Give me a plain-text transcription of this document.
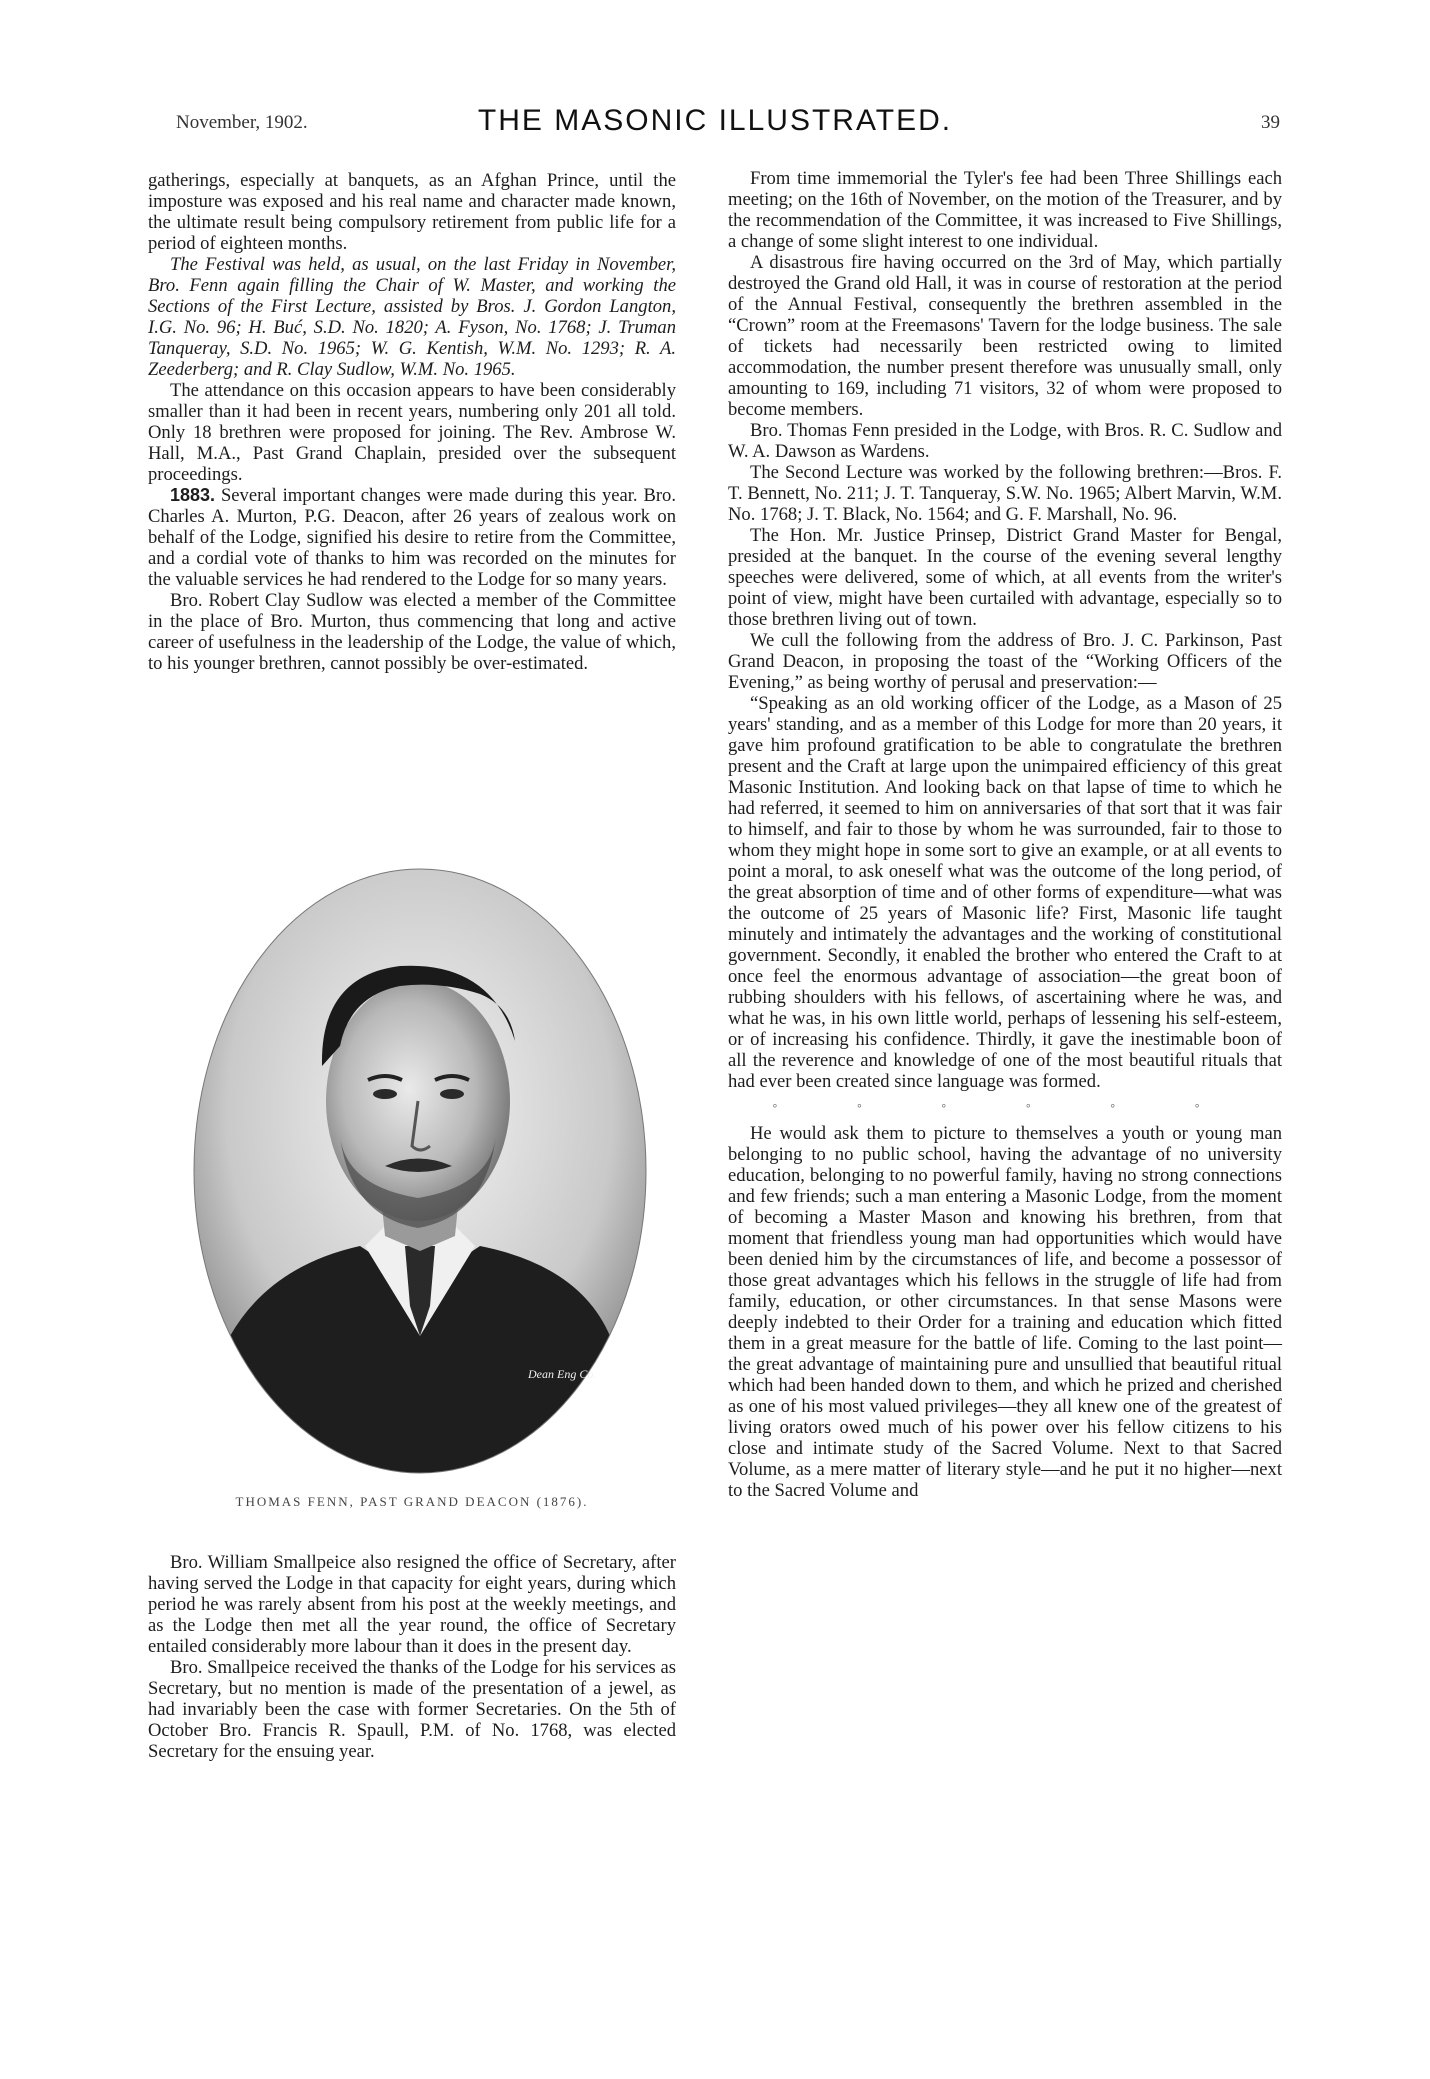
November, 1902.	THE MASONIC ILLUSTRATED.	39

gatherings, especially at banquets, as an Afghan Prince, until the imposture was exposed and his real name and character made known, the ultimate result being compulsory retirement from public life for a period of eighteen months.

The Festival was held, as usual, on the last Friday in November, Bro. Fenn again filling the Chair of W. Master, and working the Sections of the First Lecture, assisted by Bros. J. Gordon Langton, I.G. No. 96; H. Buć, S.D. No. 1820; A. Fyson, No. 1768; J. Truman Tanqueray, S.D. No. 1965; W. G. Kentish, W.M. No. 1293; R. A. Zeederberg; and R. Clay Sudlow, W.M. No. 1965.

The attendance on this occasion appears to have been considerably smaller than it had been in recent years, numbering only 201 all told. Only 18 brethren were proposed for joining. The Rev. Ambrose W. Hall, M.A., Past Grand Chaplain, presided over the subsequent proceedings.

1883. Several important changes were made during this year. Bro. Charles A. Murton, P.G. Deacon, after 26 years of zealous work on behalf of the Lodge, signified his desire to retire from the Committee, and a cordial vote of thanks to him was recorded on the minutes for the valuable services he had rendered to the Lodge for so many years.

Bro. Robert Clay Sudlow was elected a member of the Committee in the place of Bro. Murton, thus commencing that long and active career of usefulness in the leadership of the Lodge, the value of which, to his younger brethren, cannot possibly be over-estimated.

Dean Eng Co.
THOMAS FENN, PAST GRAND DEACON (1876).

Bro. William Smallpeice also resigned the office of Secretary, after having served the Lodge in that capacity for eight years, during which period he was rarely absent from his post at the weekly meetings, and as the Lodge then met all the year round, the office of Secretary entailed considerably more labour than it does in the present day.

Bro. Smallpeice received the thanks of the Lodge for his services as Secretary, but no mention is made of the presentation of a jewel, as had invariably been the case with former Secretaries. On the 5th of October Bro. Francis R. Spaull, P.M. of No. 1768, was elected Secretary for the ensuing year.

From time immemorial the Tyler's fee had been Three Shillings each meeting; on the 16th of November, on the motion of the Treasurer, and by the recommendation of the Committee, it was increased to Five Shillings, a change of some slight interest to one individual.

A disastrous fire having occurred on the 3rd of May, which partially destroyed the Grand old Hall, it was in course of restoration at the period of the Annual Festival, consequently the brethren assembled in the “Crown” room at the Freemasons' Tavern for the lodge business. The sale of tickets had necessarily been restricted owing to limited accommodation, the number present therefore was unusually small, only amounting to 169, including 71 visitors, 32 of whom were proposed to become members.

Bro. Thomas Fenn presided in the Lodge, with Bros. R. C. Sudlow and W. A. Dawson as Wardens.

The Second Lecture was worked by the following brethren:—Bros. F. T. Bennett, No. 211; J. T. Tanqueray, S.W. No. 1965; Albert Marvin, W.M. No. 1768; J. T. Black, No. 1564; and G. F. Marshall, No. 96.

The Hon. Mr. Justice Prinsep, District Grand Master for Bengal, presided at the banquet. In the course of the evening several lengthy speeches were delivered, some of which, at all events from the writer's point of view, might have been curtailed with advantage, especially so to those brethren living out of town.

We cull the following from the address of Bro. J. C. Parkinson, Past Grand Deacon, in proposing the toast of the “Working Officers of the Evening,” as being worthy of perusal and preservation:—

“Speaking as an old working officer of the Lodge, as a Mason of 25 years' standing, and as a member of this Lodge for more than 20 years, it gave him profound gratification to be able to congratulate the brethren present and the Craft at large upon the unimpaired efficiency of this great Masonic Institution. And looking back on that lapse of time to which he had referred, it seemed to him on anniversaries of that sort that it was fair to himself, and fair to those by whom he was surrounded, fair to those to whom they might hope in some sort to give an example, or at all events to point a moral, to ask oneself what was the outcome of the long period, of the great absorption of time and of other forms of expenditure—what was the outcome of 25 years of Masonic life? First, Masonic life taught minutely and intimately the advantages and the working of constitutional government. Secondly, it enabled the brother who entered the Craft to at once feel the enormous advantage of association—the great boon of rubbing shoulders with his fellows, of ascertaining where he was, and what he was, in his own little world, perhaps of lessening his self-esteem, or of increasing his confidence. Thirdly, it gave the inestimable boon of all the reverence and knowledge of one of the most beautiful rituals that had ever been created since language was formed.

◦ ◦ ◦ ◦ ◦ ◦

He would ask them to picture to themselves a youth or young man belonging to no public school, having the advantage of no university education, belonging to no powerful family, having no strong connections and few friends; such a man entering a Masonic Lodge, from the moment of becoming a Master Mason and knowing his brethren, from that moment that friendless young man had opportunities which would have been denied him by the circumstances of life, and become a possessor of those great advantages which his fellows in the struggle of life had from family, education, or other circumstances. In that sense Masons were deeply indebted to their Order for a training and education which fitted them in a great measure for the battle of life. Coming to the last point—the great advantage of maintaining pure and unsullied that beautiful ritual which had been handed down to them, and which he prized and cherished as one of his most valued privileges—they all knew one of the greatest of living orators owed much of his power over his fellow citizens to his close and intimate study of the Sacred Volume. Next to that Sacred Volume, as a mere matter of literary style—and he put it no higher—next to the Sacred Volume and
